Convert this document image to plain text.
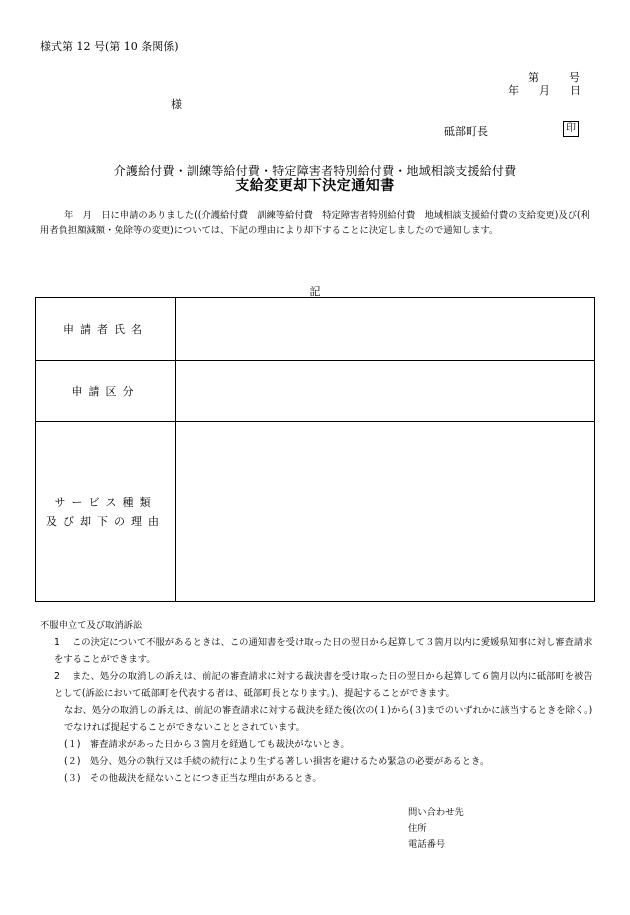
様式第 12 号(第 10 条関係)
第	号
年 月 日
様
砥部町長	印
介護給付費・訓練等給付費・特定障害者特別給付費・地域相談支援給付費
支給変更却下決定通知書
年　月　日に申請のありました((介護給付費　訓練等給付費　特定障害者特別給付費　地域相談支援給付費の支給変更)及び(利用者負担額減額・免除等の変更)については、下記の理由により却下することに決定しましたので通知します。
記
申請者氏名	
申請区分	

サービス種類
及び却下の理由	

不服申立て及び取消訴訟

1 この決定について不服があるときは、この通知書を受け取った日の翌日から起算して３箇月以内に愛媛県知事に対し審査請求をすることができます。

2 また、処分の取消しの訴えは、前記の審査請求に対する裁決書を受け取った日の翌日から起算して６箇月以内に砥部町を被告として(訴訟において砥部町を代表する者は、砥部町長となります。)、提起することができます。

なお、処分の取消しの訴えは、前記の審査請求に対する裁決を経た後(次の(１)から(３)までのいずれかに該当するときを除く。)でなければ提起することができないこととされています。

(１)　審査請求があった日から３箇月を経過しても裁決がないとき。

(２)　処分、処分の執行又は手続の続行により生ずる著しい損害を避けるため緊急の必要があるとき。

(３)　その他裁決を経ないことにつき正当な理由があるとき。

問い合わせ先
住所
電話番号
